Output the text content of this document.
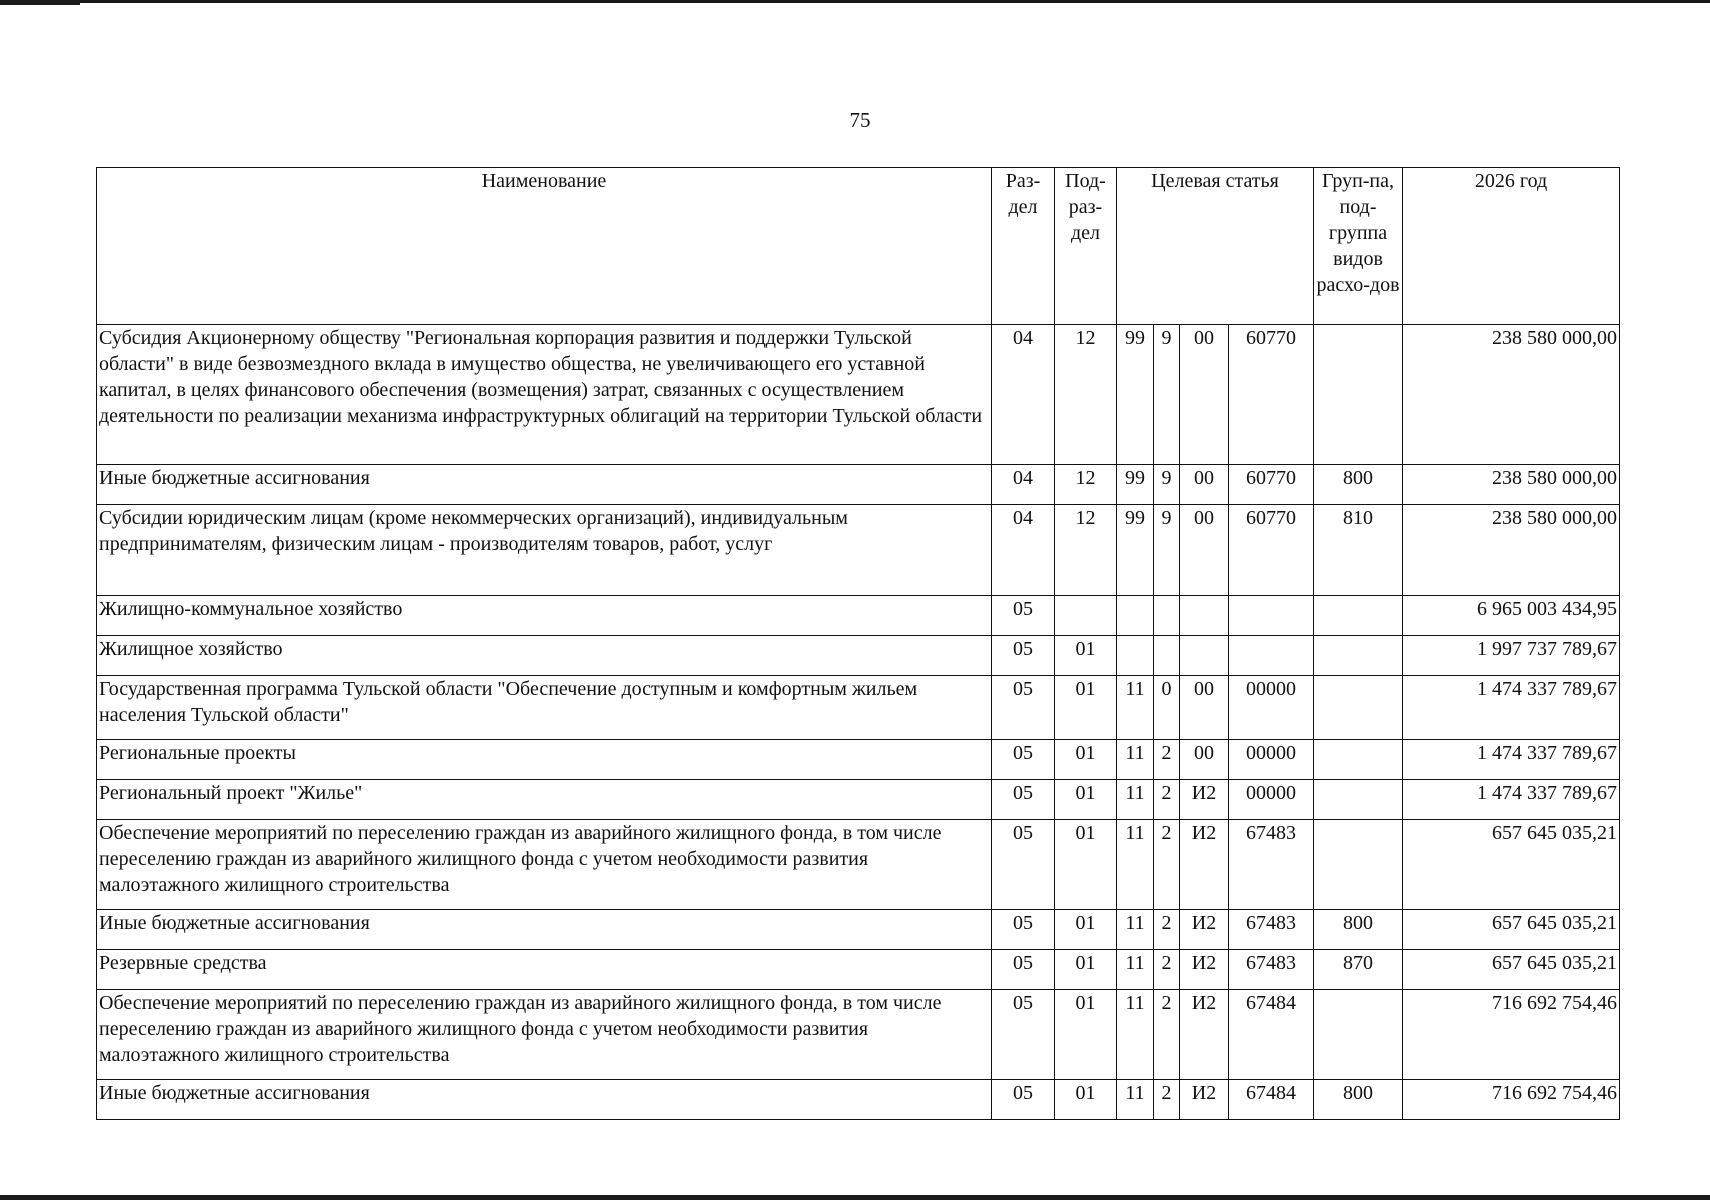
75
Наименование	Раз-дел	Под-раз-дел	Целевая статья				Груп-па, под-группа видов расхо-дов	2026 год
Субсидия Акционерному обществу "Региональная корпорация развития и поддержки Тульской области" в виде безвозмездного вклада в имущество общества, не увеличивающего его уставной капитал, в целях финансового обеспечения (возмещения) затрат, связанных с осуществлением деятельности по реализации механизма инфраструктурных облигаций на территории Тульской области	04	12	99	9	00	60770		238 580 000,00
Иные бюджетные ассигнования	04	12	99	9	00	60770	800	238 580 000,00
Субсидии юридическим лицам (кроме некоммерческих организаций), индивидуальным предпринимателям, физическим лицам - производителям товаров, работ, услуг	04	12	99	9	00	60770	810	238 580 000,00
Жилищно-коммунальное хозяйство	05							6 965 003 434,95
Жилищное хозяйство	05	01						1 997 737 789,67
Государственная программа Тульской области "Обеспечение доступным и комфортным жильем населения Тульской области"	05	01	11	0	00	00000		1 474 337 789,67
Региональные проекты	05	01	11	2	00	00000		1 474 337 789,67
Региональный проект "Жилье"	05	01	11	2	И2	00000		1 474 337 789,67
Обеспечение мероприятий по переселению граждан из аварийного жилищного фонда, в том числе переселению граждан из аварийного жилищного фонда с учетом необходимости развития малоэтажного жилищного строительства	05	01	11	2	И2	67483		657 645 035,21
Иные бюджетные ассигнования	05	01	11	2	И2	67483	800	657 645 035,21
Резервные средства	05	01	11	2	И2	67483	870	657 645 035,21
Обеспечение мероприятий по переселению граждан из аварийного жилищного фонда, в том числе переселению граждан из аварийного жилищного фонда с учетом необходимости развития малоэтажного жилищного строительства	05	01	11	2	И2	67484		716 692 754,46
Иные бюджетные ассигнования	05	01	11	2	И2	67484	800	716 692 754,46
